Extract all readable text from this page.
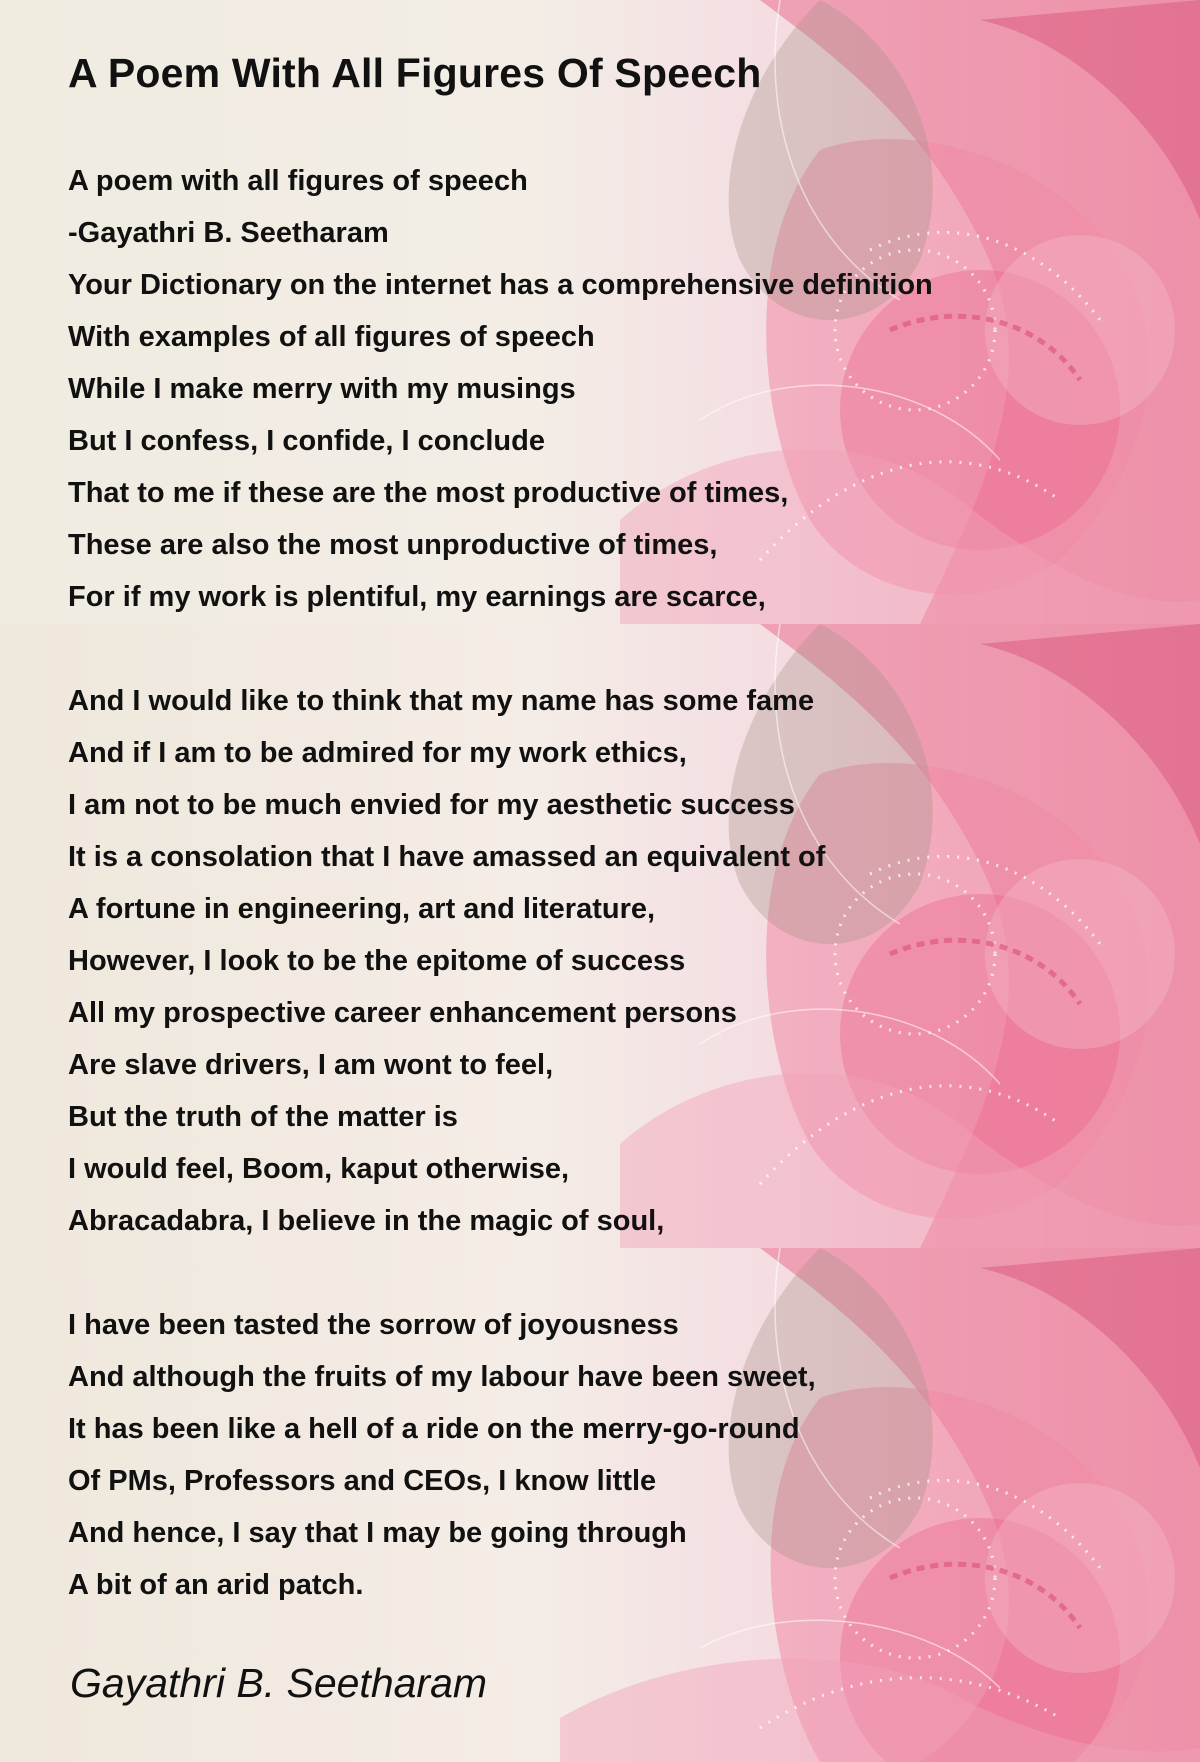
A Poem With All Figures Of Speech
A poem with all figures of speech
-Gayathri B. Seetharam
Your Dictionary on the internet has a comprehensive definition
With examples of all figures of speech
While I make merry with my musings
But I confess, I confide, I conclude
That to me if these are the most productive of times,
These are also the most unproductive of times,
For if my work is plentiful, my earnings are scarce,
And I would like to think that my name has some fame
And if I am to be admired for my work ethics,
I am not to be much envied for my aesthetic success
It is a consolation that I have amassed an equivalent of
A fortune in engineering, art and literature,
However, I look to be the epitome of success
All my prospective career enhancement persons
Are slave drivers, I am wont to feel,
But the truth of the matter is
I would feel, Boom, kaput otherwise,
Abracadabra, I believe in the magic of soul,
I have been tasted the sorrow of joyousness
And although the fruits of my labour have been sweet,
It has been like a hell of a ride on the merry-go-round
Of PMs, Professors and CEOs, I know little
And hence, I say that I may be going through
A bit of an arid patch.
Gayathri B. Seetharam
